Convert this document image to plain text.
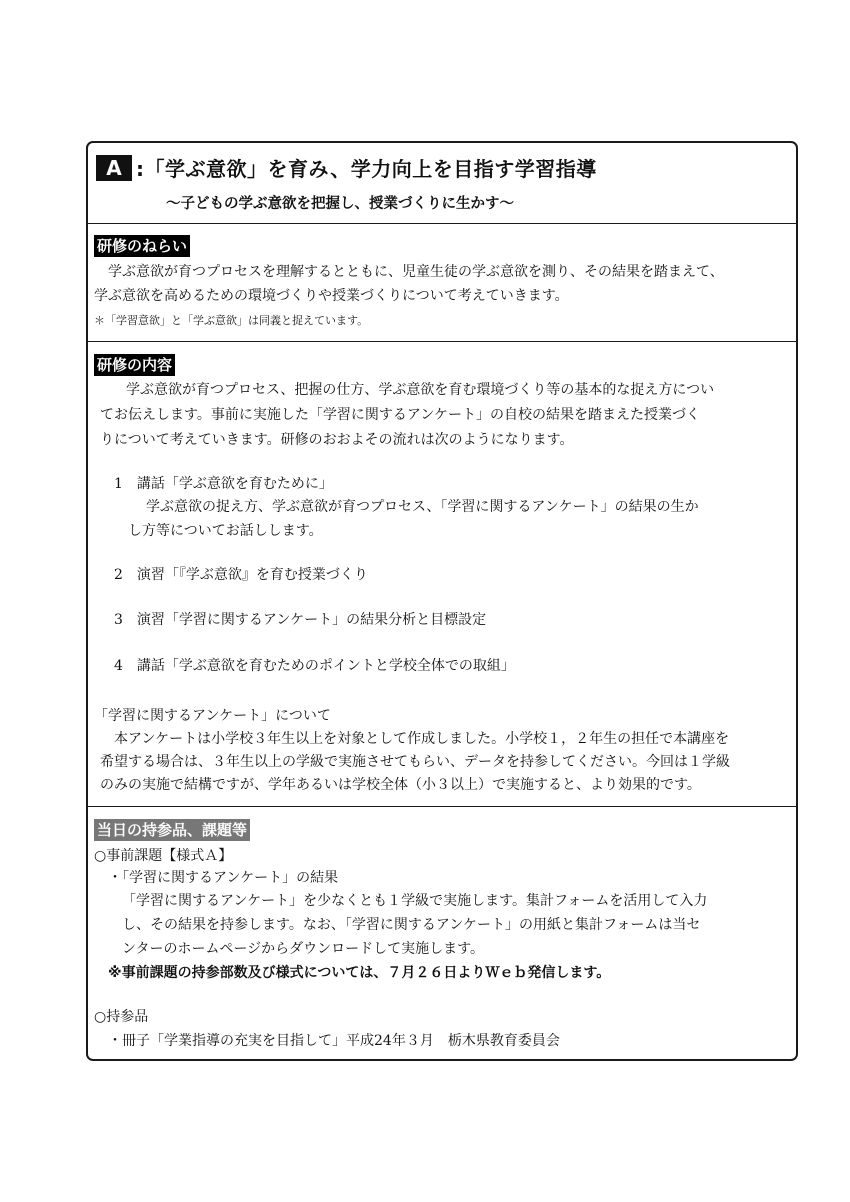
A :「学ぶ意欲」を育み、学力向上を目指す学習指導
～子どもの学ぶ意欲を把握し、授業づくりに生かす～
研修のねらい
　学ぶ意欲が育つプロセスを理解するとともに、児童生徒の学ぶ意欲を測り、その結果を踏まえて、
学ぶ意欲を高めるための環境づくりや授業づくりについて考えていきます。
＊「学習意欲」と「学ぶ意欲」は同義と捉えています。
研修の内容
学ぶ意欲が育つプロセス、把握の仕方、学ぶ意欲を育む環境づくり等の基本的な捉え方につい
てお伝えします。事前に実施した「学習に関するアンケート」の自校の結果を踏まえた授業づく
りについて考えていきます。研修のおおよその流れは次のようになります。
1　講話「学ぶ意欲を育むために」
学ぶ意欲の捉え方、学ぶ意欲が育つプロセス、「学習に関するアンケート」の結果の生か
し方等についてお話しします。
2　演習「『学ぶ意欲』を育む授業づくり
3　演習「学習に関するアンケート」の結果分析と目標設定
4　講話「学ぶ意欲を育むためのポイントと学校全体での取組」
「学習に関するアンケート」について
本アンケートは小学校３年生以上を対象として作成しました。小学校１，２年生の担任で本講座を
希望する場合は、３年生以上の学級で実施させてもらい、データを持参してください。今回は１学級
のみの実施で結構ですが、学年あるいは学校全体（小３以上）で実施すると、より効果的です。
当日の持参品、課題等
○事前課題【様式Ａ】
・「学習に関するアンケート」の結果
「学習に関するアンケート」を少なくとも１学級で実施します。集計フォームを活用して入力
し、その結果を持参します。なお、「学習に関するアンケート」の用紙と集計フォームは当セ
ンターのホームページからダウンロードして実施します。
※事前課題の持参部数及び様式については、７月２６日よりＷｅｂ発信します。
○持参品
・冊子「学業指導の充実を目指して」平成24年３月　栃木県教育委員会
